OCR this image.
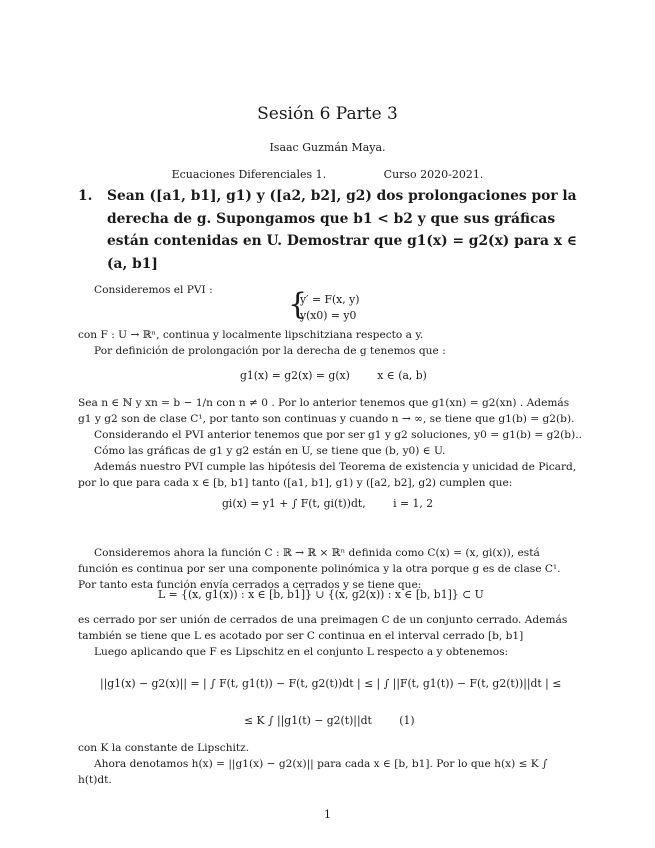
Sesión 6 Parte 3
Isaac Guzmán Maya.
Ecuaciones Diferenciales 1.	Curso 2020-2021.
1. Sean ([a1, b1], g1) y ([a2, b2], g2) dos prolongaciones por la derecha de g. Supongamos que b1 < b2 y que sus gráficas están contenidas en U. Demostrar que g1(x) = g2(x) para x ∈ (a, b1]
Consideremos el PVI :	{
y′ = F(x, y)
y(x0) = y0
con F : U → ℝⁿ, continua y localmente lipschitziana respecto a y.
Por definición de prolongación por la derecha de g tenemos que :
g1(x) = g2(x) = g(x)        x ∈ (a, b)
Sea n ∈ ℕ y xn = b − 1/n con n ≠ 0 . Por lo anterior tenemos que g1(xn) = g2(xn) . Además g1 y g2 son de clase C¹, por tanto son continuas y cuando n → ∞, se tiene que g1(b) = g2(b).
Considerando el PVI anterior tenemos que por ser g1 y g2 soluciones, y0 = g1(b) = g2(b)..
Cómo las gráficas de g1 y g2 están en U, se tiene que (b, y0) ∈ U.
Además nuestro PVI cumple las hipótesis del Teorema de existencia y unicidad de Picard, por lo que para cada x ∈ [b, b1] tanto ([a1, b1], g1) y ([a2, b2], g2) cumplen que:
gi(x) = y1 + ∫ F(t, gi(t))dt,        i = 1, 2
Consideremos ahora la función C : ℝ → ℝ × ℝⁿ definida como C(x) = (x, gi(x)), está función es continua por ser una componente polinómica y la otra porque g es de clase C¹. Por tanto esta función envía cerrados a cerrados y se tiene que:
L = {(x, g1(x)) : x ∈ [b, b1]} ∪ {(x, g2(x)) : x ∈ [b, b1]} ⊂ U
es cerrado por ser unión de cerrados de una preimagen C de un conjunto cerrado. Además también se tiene que L es acotado por ser C continua en el interval cerrado [b, b1]
Luego aplicando que F es Lipschitz en el conjunto L respecto a y obtenemos:
||g1(x) − g2(x)|| = | ∫ F(t, g1(t)) − F(t, g2(t))dt | ≤ | ∫ ||F(t, g1(t)) − F(t, g2(t))||dt | ≤
≤ K ∫ ||g1(t) − g2(t)||dt        (1)
con K la constante de Lipschitz.
Ahora denotamos h(x) = ||g1(x) − g2(x)|| para cada x ∈ [b, b1]. Por lo que h(x) ≤ K ∫ h(t)dt.
1
